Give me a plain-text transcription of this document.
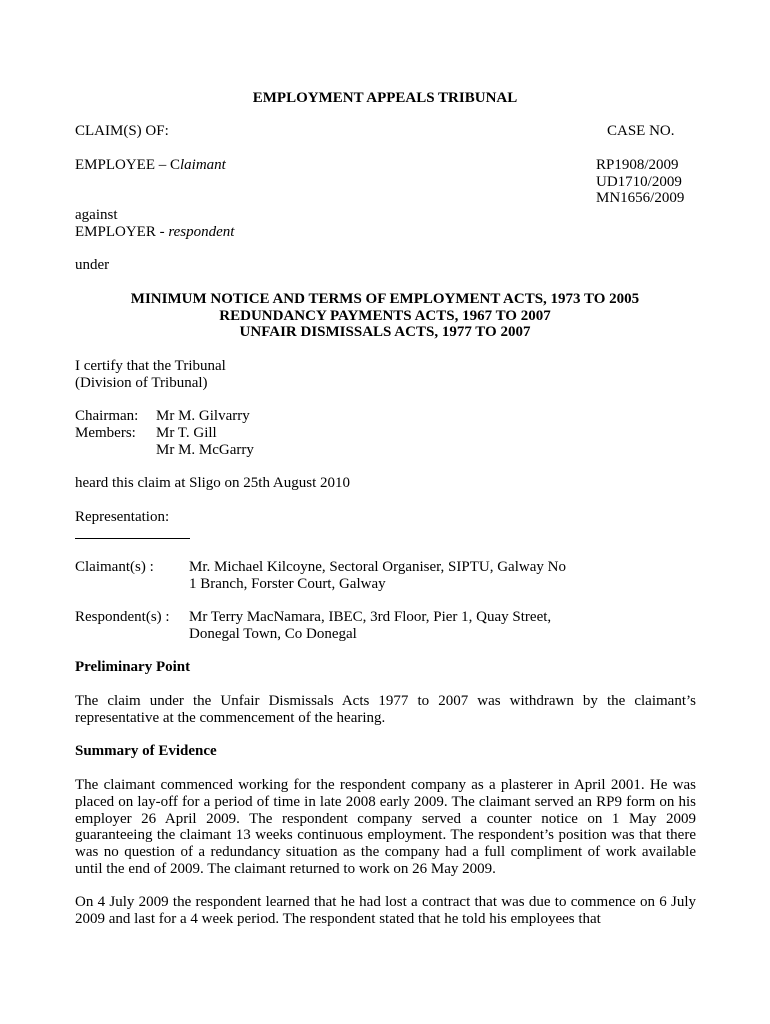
EMPLOYMENT APPEALS TRIBUNAL
CLAIM(S) OF:	CASE NO.
EMPLOYEE – Claimant	RP1908/2009
UD1710/2009
MN1656/2009
against
EMPLOYER - respondent
under
MINIMUM NOTICE AND TERMS OF EMPLOYMENT ACTS, 1973 TO 2005
REDUNDANCY PAYMENTS ACTS, 1967 TO 2007
UNFAIR DISMISSALS ACTS, 1977 TO 2007
I certify that the Tribunal
(Division of Tribunal)
Chairman: Mr M. Gilvarry
Members: Mr T. Gill
Mr M. McGarry
heard this claim at Sligo on 25th August 2010
Representation:
Claimant(s) : Mr. Michael Kilcoyne, Sectoral Organiser, SIPTU, Galway No
1 Branch, Forster Court, Galway
Respondent(s) : Mr Terry MacNamara, IBEC, 3rd Floor, Pier 1, Quay Street,
Donegal Town, Co Donegal
Preliminary Point
The claim under the Unfair Dismissals Acts 1977 to 2007 was withdrawn by the claimant’s representative at the commencement of the hearing.
Summary of Evidence
The claimant commenced working for the respondent company as a plasterer in April 2001. He was placed on lay-off for a period of time in late 2008 early 2009. The claimant served an RP9 form on his employer 26 April 2009. The respondent company served a counter notice on 1 May 2009 guaranteeing the claimant 13 weeks continuous employment. The respondent’s position was that there was no question of a redundancy situation as the company had a full compliment of work available until the end of 2009. The claimant returned to work on 26 May 2009.
On 4 July 2009 the respondent learned that he had lost a contract that was due to commence on 6 July 2009 and last for a 4 week period. The respondent stated that he told his employees that
